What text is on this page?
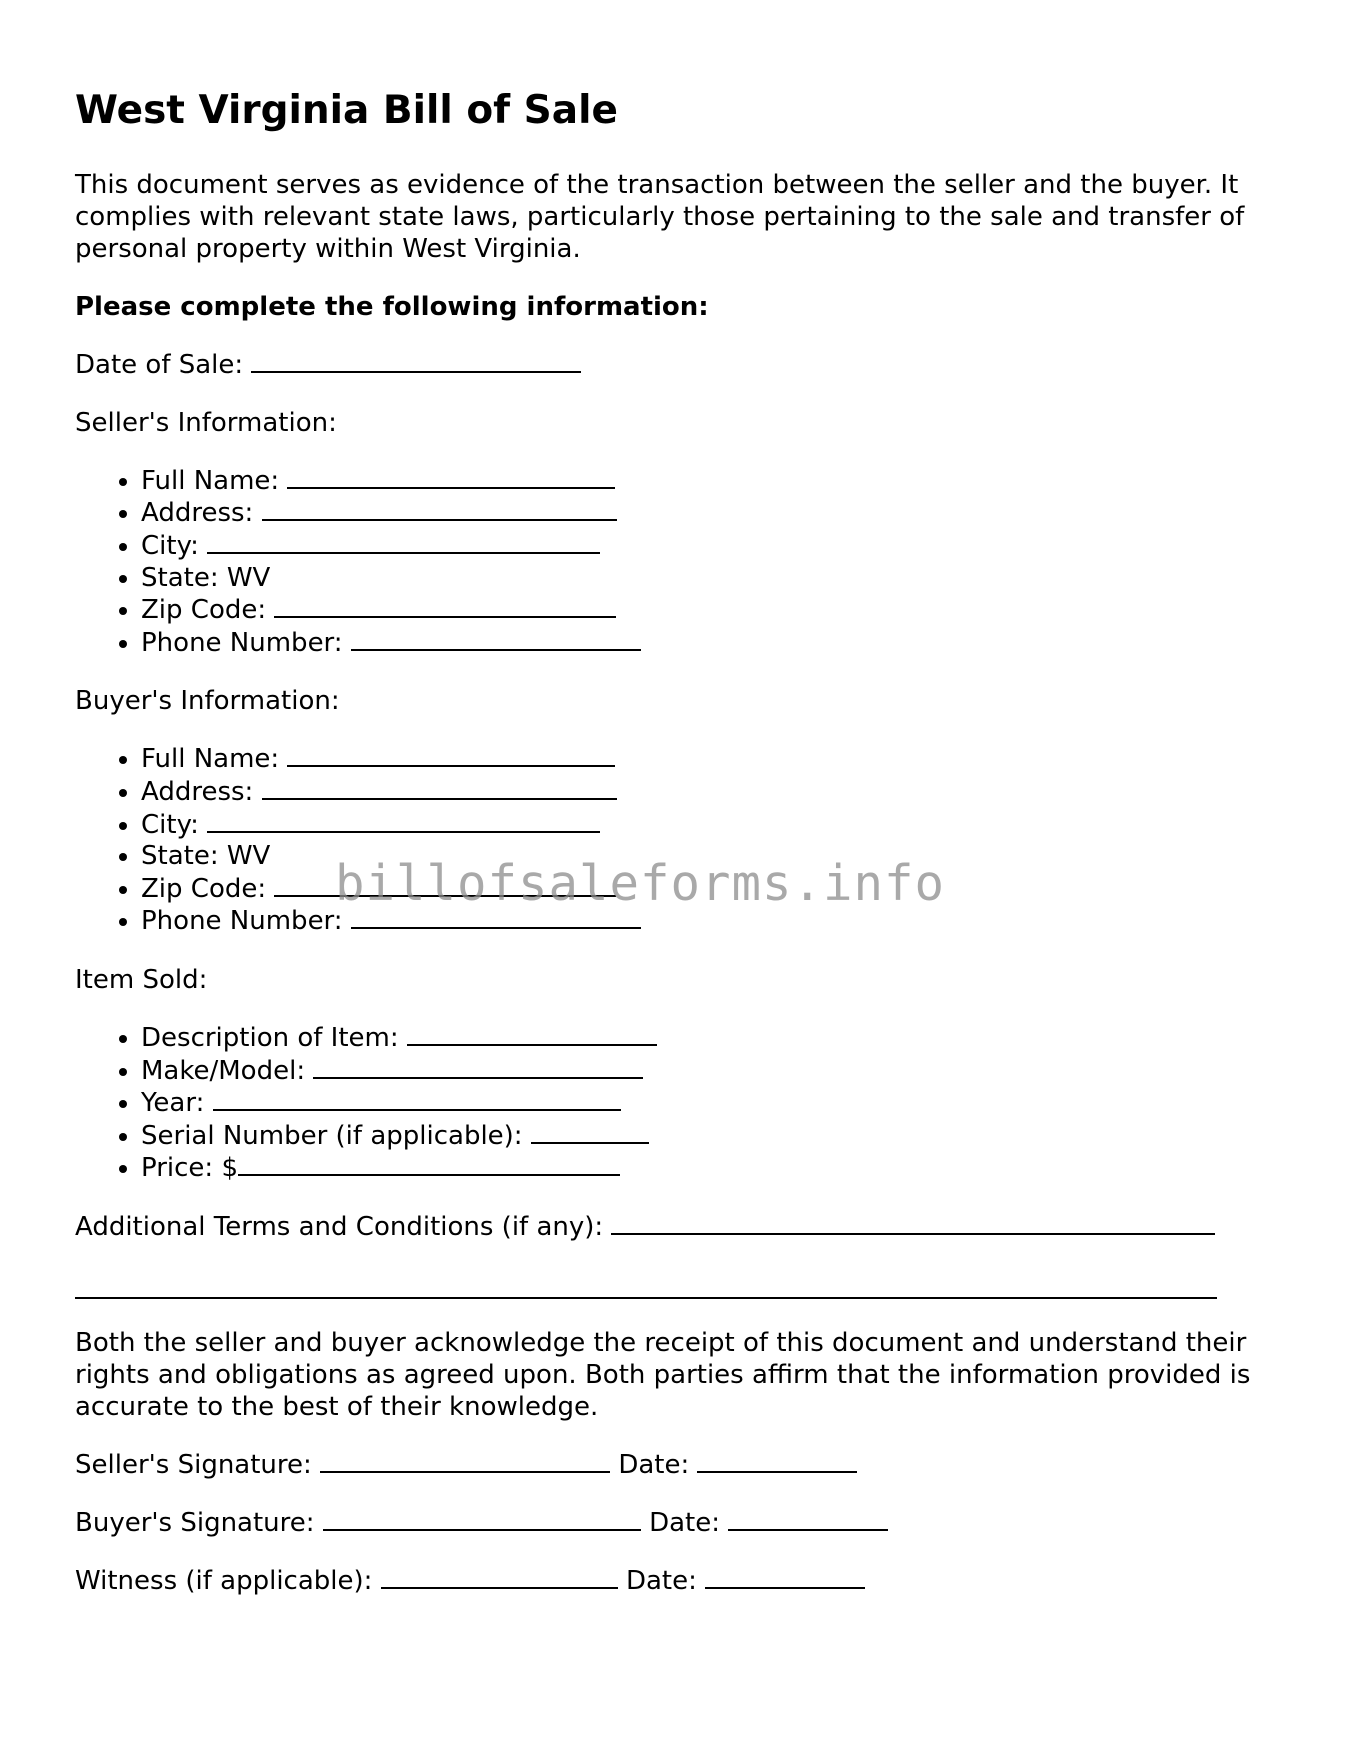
West Virginia Bill of Sale

This document serves as evidence of the transaction between the seller and the buyer. It complies with relevant state laws, particularly those pertaining to the sale and transfer of personal property within West Virginia.

Please complete the following information:

Date of Sale:

Seller's Information:

• Full Name:
• Address:
• City:
• State: WV
• Zip Code:
• Phone Number:

Buyer's Information:

• Full Name:
• Address:
• City:
• State: WV
• Zip Code:
• Phone Number:

Item Sold:

• Description of Item:
• Make/Model:
• Year:
• Serial Number (if applicable):
• Price: $

Additional Terms and Conditions (if any):

Both the seller and buyer acknowledge the receipt of this document and understand their rights and obligations as agreed upon. Both parties affirm that the information provided is accurate to the best of their knowledge.

Seller's Signature:	Date:

Buyer's Signature:	Date:

Witness (if applicable):	Date:

billofsaleforms.info
